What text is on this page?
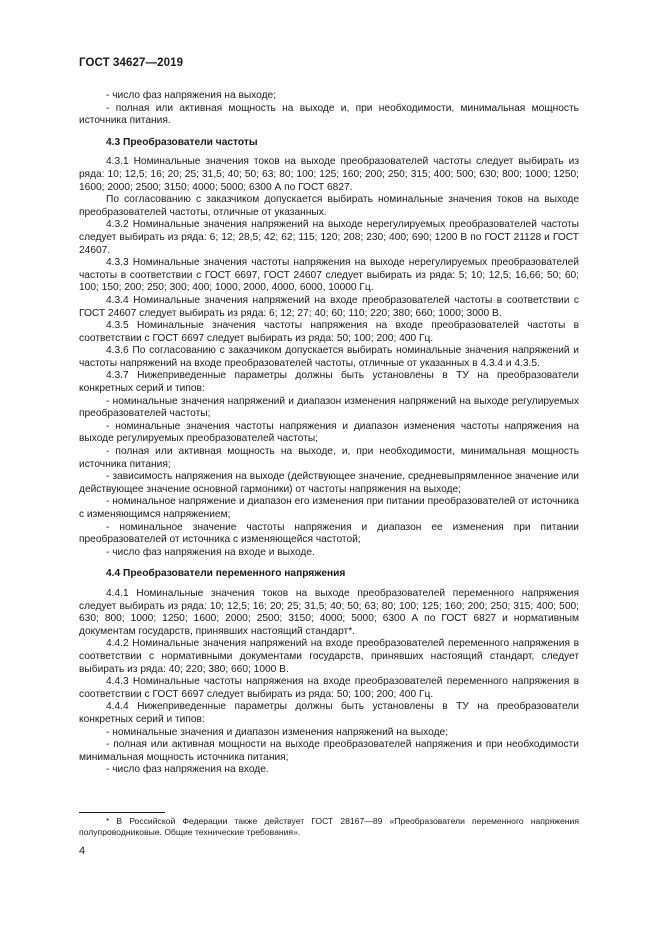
ГОСТ 34627—2019

- число фаз напряжения на выходе;

- полная или активная мощность на выходе и, при необходимости, минимальная мощность источника питания.

4.3 Преобразователи частоты

4.3.1 Номинальные значения токов на выходе преобразователей частоты следует выбирать из ряда: 10; 12,5; 16; 20; 25; 31,5; 40; 50; 63; 80; 100; 125; 160; 200; 250; 315; 400; 500; 630; 800; 1000; 1250; 1600; 2000; 2500; 3150; 4000; 5000; 6300 А по ГОСТ 6827.

По согласованию с заказчиком допускается выбирать номинальные значения токов на выходе преобразователей частоты, отличные от указанных.

4.3.2 Номинальные значения напряжений на выходе нерегулируемых преобразователей частоты следует выбирать из ряда: 6; 12; 28,5; 42; 62; 115; 120; 208; 230; 400; 690; 1200 В по ГОСТ 21128 и ГОСТ 24607.

4.3.3 Номинальные значения частоты напряжения на выходе нерегулируемых преобразователей частоты в соответствии с ГОСТ 6697, ГОСТ 24607 следует выбирать из ряда: 5; 10; 12,5; 16,66; 50; 60; 100; 150; 200; 250; 300; 400; 1000, 2000, 4000, 6000, 10000 Гц.

4.3.4 Номинальные значения напряжений на входе преобразователей частоты в соответствии с ГОСТ 24607 следует выбирать из ряда: 6; 12; 27; 40; 60; 110; 220; 380; 660; 1000; 3000 В.

4.3.5 Номинальные значения частоты напряжения на входе преобразователей частоты в соответствии с ГОСТ 6697 следует выбирать из ряда: 50; 100; 200; 400 Гц.

4.3.6 По согласованию с заказчиком допускается выбирать номинальные значения напряжений и частоты напряжений на входе преобразователей частоты, отличные от указанных в 4.3.4 и 4.3.5.

4.3.7 Нижеприведенные параметры должны быть установлены в ТУ на преобразователи конкретных серий и типов:

- номинальные значения напряжений и диапазон изменения напряжений на выходе регулируемых преобразователей частоты;

- номинальные значения частоты напряжения и диапазон изменения частоты напряжения на выходе регулируемых преобразователей частоты;

- полная или активная мощность на выходе, и, при необходимости, минимальная мощность источника питания;

- зависимость напряжения на выходе (действующее значение, средневыпрямленное значение или действующее значение основной гармоники) от частоты напряжения на выходе;

- номинальное напряжение и диапазон его изменения при питании преобразователей от источника с изменяющимся напряжением;

- номинальное значение частоты напряжения и диапазон ее изменения при питании преобразователей от источника с изменяющейся частотой;

- число фаз напряжения на входе и выходе.

4.4 Преобразователи переменного напряжения

4.4.1 Номинальные значения токов на выходе преобразователей переменного напряжения следует выбирать из ряда: 10; 12,5; 16; 20; 25; 31,5; 40; 50; 63; 80; 100; 125; 160; 200; 250; 315; 400; 500; 630; 800; 1000; 1250; 1600; 2000; 2500; 3150; 4000; 5000; 6300 А по ГОСТ 6827 и нормативным документам государств, принявших настоящий стандарт*.

4.4.2 Номинальные значения напряжений на входе преобразователей переменного напряжения в соответствии с нормативными документами государств, принявших настоящий стандарт, следует выбирать из ряда: 40; 220; 380; 660; 1000 В.

4.4.3 Номинальные частоты напряжения на входе преобразователей переменного напряжения в соответствии с ГОСТ 6697 следует выбирать из ряда: 50; 100; 200; 400 Гц.

4.4.4 Нижеприведенные параметры должны быть установлены в ТУ на преобразователи конкретных серий и типов:

- номинальные значения и диапазон изменения напряжений на выходе;

- полная или активная мощности на выходе преобразователей напряжения и при необходимости минимальная мощность источника питания;

- число фаз напряжения на входе.

* В Российской Федерации также действует ГОСТ 28167—89 «Преобразователи переменного напряжения полупроводниковые. Общие технические требования».

4
